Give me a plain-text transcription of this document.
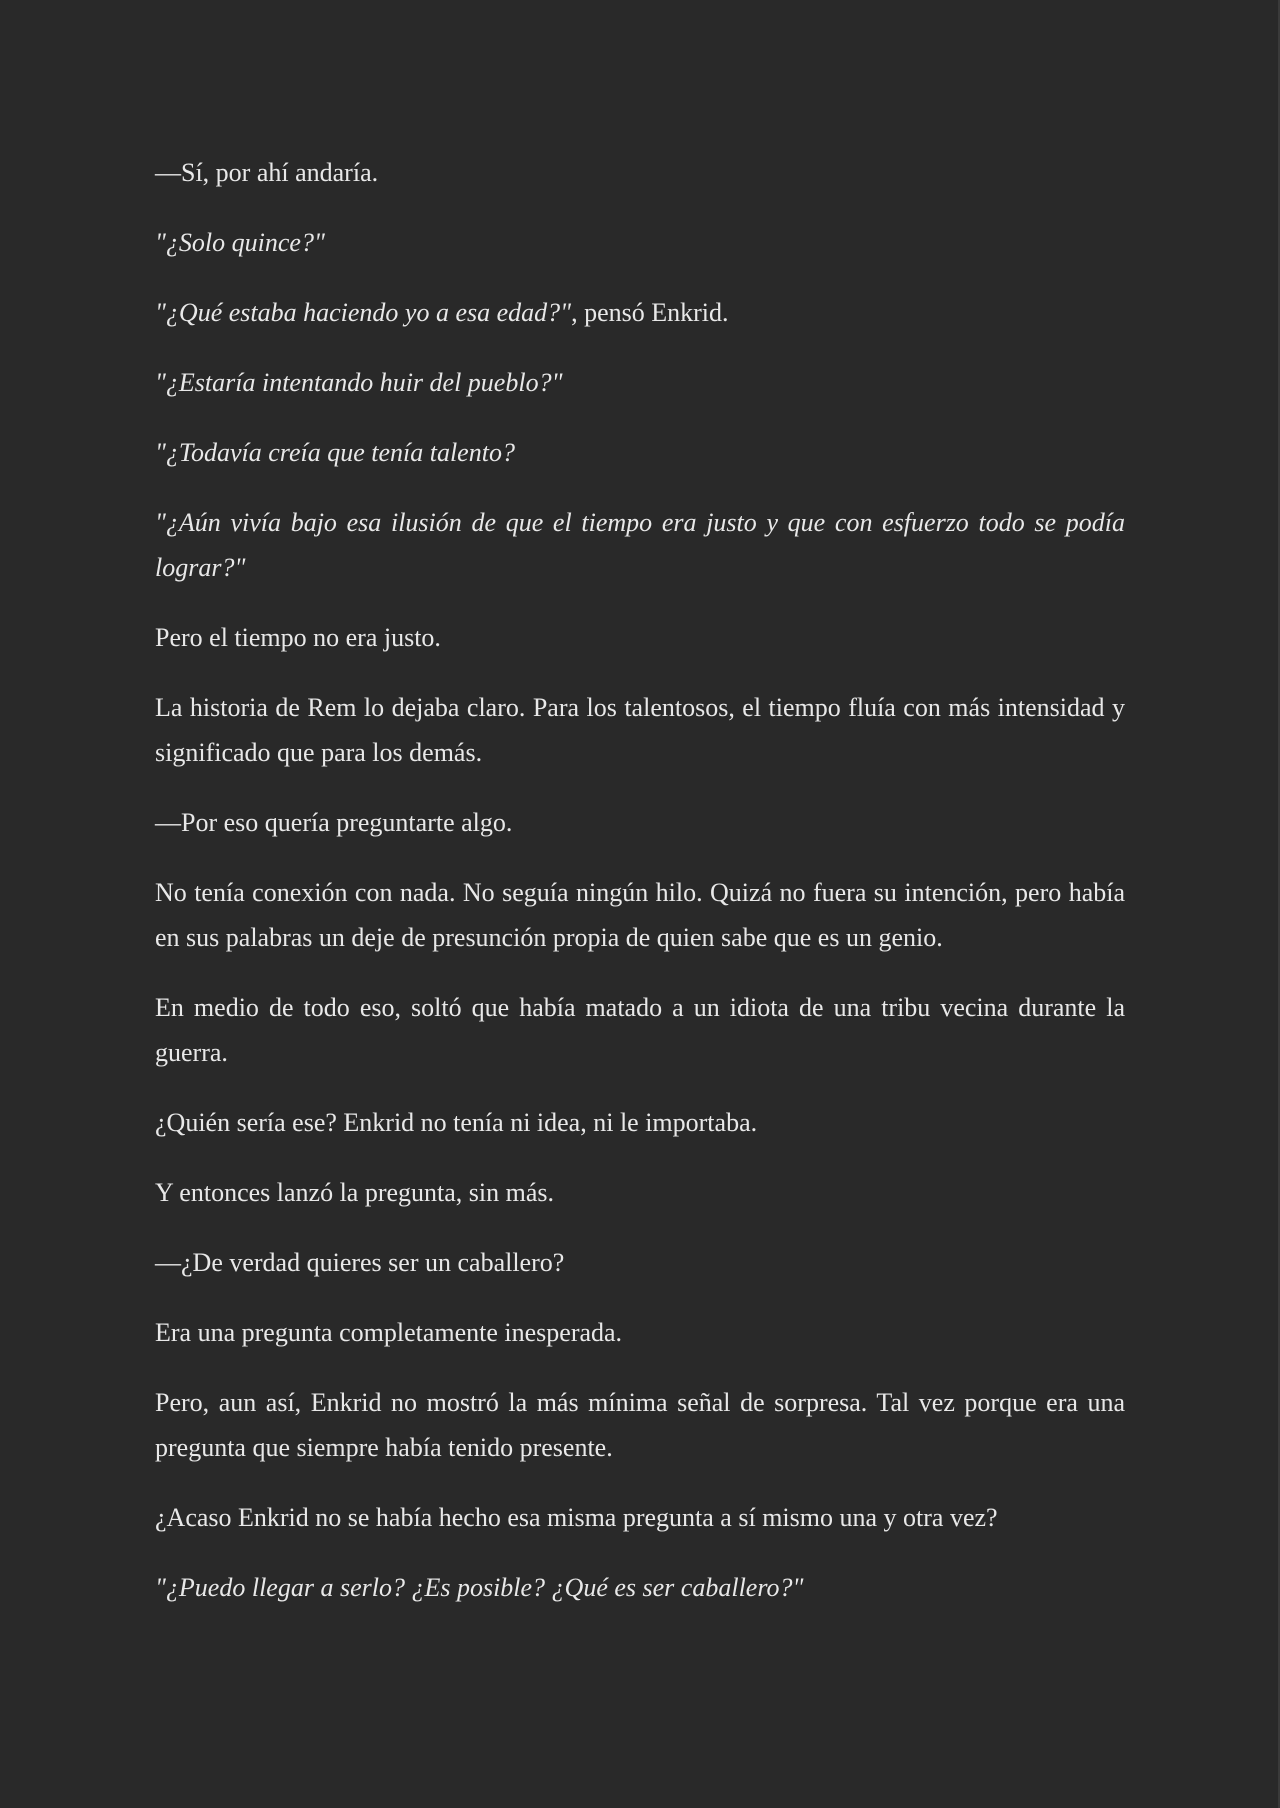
—Sí, por ahí andaría.

"¿Solo quince?"

"¿Qué estaba haciendo yo a esa edad?", pensó Enkrid.

"¿Estaría intentando huir del pueblo?"

"¿Todavía creía que tenía talento?

"¿Aún vivía bajo esa ilusión de que el tiempo era justo y que con esfuerzo todo se podía lograr?"

Pero el tiempo no era justo.

La historia de Rem lo dejaba claro. Para los talentosos, el tiempo fluía con más intensidad y significado que para los demás.

—Por eso quería preguntarte algo.

No tenía conexión con nada. No seguía ningún hilo. Quizá no fuera su intención, pero había en sus palabras un deje de presunción propia de quien sabe que es un genio.

En medio de todo eso, soltó que había matado a un idiota de una tribu vecina durante la guerra.

¿Quién sería ese? Enkrid no tenía ni idea, ni le importaba.

Y entonces lanzó la pregunta, sin más.

—¿De verdad quieres ser un caballero?

Era una pregunta completamente inesperada.

Pero, aun así, Enkrid no mostró la más mínima señal de sorpresa. Tal vez porque era una pregunta que siempre había tenido presente.

¿Acaso Enkrid no se había hecho esa misma pregunta a sí mismo una y otra vez?

"¿Puedo llegar a serlo? ¿Es posible? ¿Qué es ser caballero?"
